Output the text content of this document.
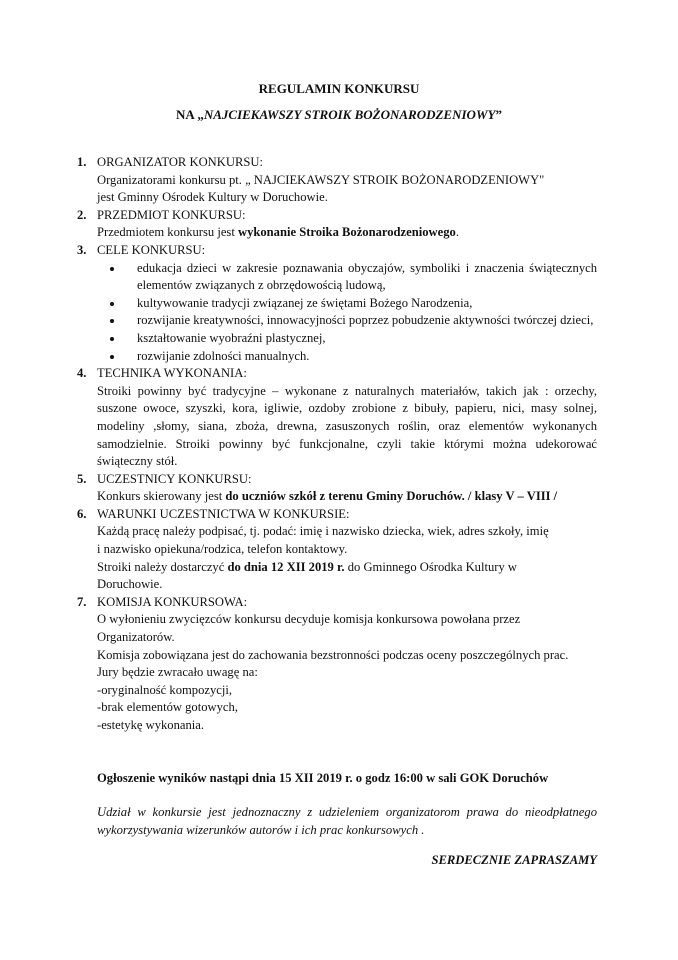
REGULAMIN KONKURSU
NA „NAJCIEKAWSZY STROIK BOŻONARODZENIOWY”
1. ORGANIZATOR KONKURSU:
Organizatorami konkursu pt. „ NAJCIEKAWSZY STROIK BOŻONARODZENIOWY"
jest Gminny Ośrodek Kultury w Doruchowie.
2. PRZEDMIOT KONKURSU:
Przedmiotem konkursu jest wykonanie Stroika Bożonarodzeniowego.
3. CELE KONKURSU:
edukacja dzieci w zakresie poznawania obyczajów, symboliki i znaczenia świątecznych elementów związanych z obrzędowością ludową,
kultywowanie tradycji związanej ze świętami Bożego Narodzenia,
rozwijanie kreatywności, innowacyjności poprzez pobudzenie aktywności twórczej dzieci,
kształtowanie wyobraźni plastycznej,
rozwijanie zdolności manualnych.
4. TECHNIKA WYKONANIA:
Stroiki powinny być tradycyjne – wykonane z naturalnych materiałów, takich jak : orzechy, suszone owoce, szyszki, kora, igliwie, ozdoby zrobione z bibuły, papieru, nici, masy solnej, modeliny ,słomy, siana, zboża, drewna, zasuszonych roślin, oraz elementów wykonanych samodzielnie. Stroiki powinny być funkcjonalne, czyli takie którymi można udekorować świąteczny stół.
5. UCZESTNICY KONKURSU:
Konkurs skierowany jest do uczniów szkół z terenu Gminy Doruchów. / klasy V – VIII /
6. WARUNKI UCZESTNICTWA W KONKURSIE:
Każdą pracę należy podpisać, tj. podać: imię i nazwisko dziecka, wiek, adres szkoły, imię
i nazwisko opiekuna/rodzica, telefon kontaktowy.
Stroiki należy dostarczyć do dnia 12 XII 2019 r. do Gminnego Ośrodka Kultury w
Doruchowie.
7. KOMISJA KONKURSOWA:
O wyłonieniu zwycięzców konkursu decyduje komisja konkursowa powołana przez
Organizatorów.
Komisja zobowiązana jest do zachowania bezstronności podczas oceny poszczególnych prac.
Jury będzie zwracało uwagę na:
-oryginalność kompozycji,
-brak elementów gotowych,
-estetykę wykonania.
Ogłoszenie wyników nastąpi dnia 15 XII 2019 r. o godz 16:00 w sali GOK Doruchów
Udział w konkursie jest jednoznaczny z udzieleniem organizatorom prawa do nieodpłatnego wykorzystywania wizerunków autorów i ich prac konkursowych .
SERDECZNIE ZAPRASZAMY
